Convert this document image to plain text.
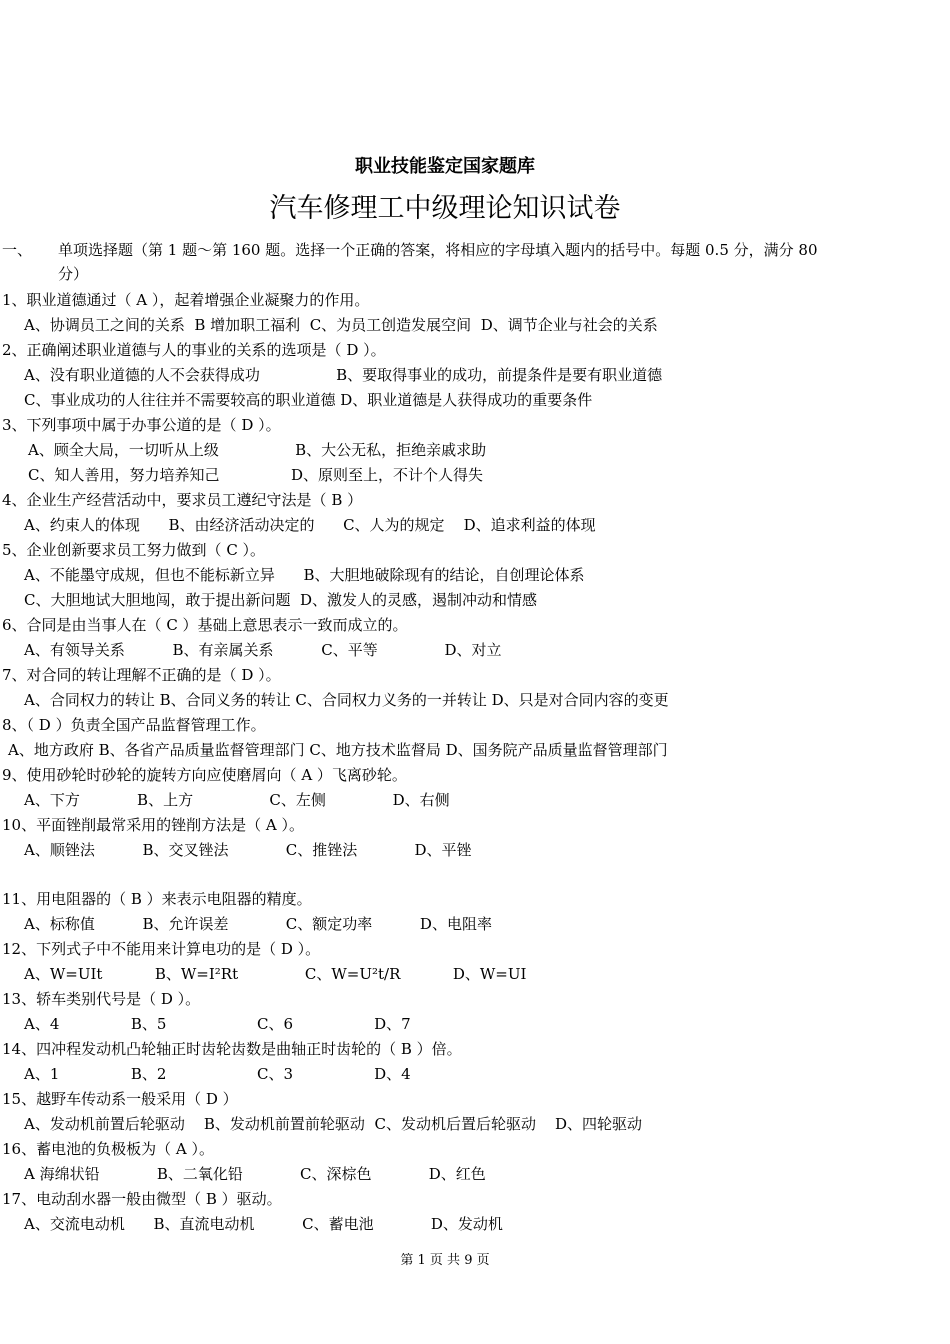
职业技能鉴定国家题库
汽车修理工中级理论知识试卷
一、 单项选择题（第 1 题～第 160 题。选择一个正确的答案，将相应的字母填入题内的括号中。每题 0.5 分，满分 80
分）
1、职业道德通过（ A ），起着增强企业凝聚力的作用。
A、协调员工之间的关系  B 增加职工福利  C、为员工创造发展空间  D、调节企业与社会的关系
2、正确阐述职业道德与人的事业的关系的选项是（ D ）。
A、没有职业道德的人不会获得成功                B、要取得事业的成功，前提条件是要有职业道德
C、事业成功的人往往并不需要较高的职业道德 D、职业道德是人获得成功的重要条件
3、下列事项中属于办事公道的是（ D ）。
A、顾全大局，一切听从上级                B、大公无私，拒绝亲戚求助
C、知人善用，努力培养知己               D、原则至上，不计个人得失
4、企业生产经营活动中，要求员工遵纪守法是（ B ）
A、约束人的体现      B、由经济活动决定的      C、人为的规定    D、追求利益的体现
5、企业创新要求员工努力做到（ C ）。
A、不能墨守成规，但也不能标新立异      B、大胆地破除现有的结论，自创理论体系
C、大胆地试大胆地闯，敢于提出新问题  D、激发人的灵感，遏制冲动和情感
6、合同是由当事人在（ C ）基础上意思表示一致而成立的。
A、有领导关系          B、有亲属关系          C、平等              D、对立
7、对合同的转让理解不正确的是（ D ）。
A、合同权力的转让 B、合同义务的转让 C、合同权力义务的一并转让 D、只是对合同内容的变更
8、（ D ）负责全国产品监督管理工作。
A、地方政府 B、各省产品质量监督管理部门 C、地方技术监督局 D、国务院产品质量监督管理部门
9、使用砂轮时砂轮的旋转方向应使磨屑向（ A ）飞离砂轮。
A、下方            B、上方                C、左侧              D、右侧
10、平面锉削最常采用的锉削方法是（ A ）。
A、顺锉法          B、交叉锉法            C、推锉法            D、平锉
11、用电阻器的（ B ）来表示电阻器的精度。
A、标称值          B、允许误差            C、额定功率          D、电阻率
12、下列式子中不能用来计算电功的是（ D ）。
A、W=UIt           B、W=I²Rt              C、W=U²t/R           D、W=UI
13、轿车类别代号是（ D ）。
A、4               B、5                   C、6                 D、7
14、四冲程发动机凸轮轴正时齿轮齿数是曲轴正时齿轮的（ B ）倍。
A、1               B、2                   C、3                 D、4
15、越野车传动系一般采用（ D ）
A、发动机前置后轮驱动    B、发动机前置前轮驱动  C、发动机后置后轮驱动    D、四轮驱动
16、蓄电池的负极板为（ A ）。
A 海绵状铅            B、二氧化铅            C、深棕色            D、红色
17、电动刮水器一般由微型（ B ）驱动。
A、交流电动机      B、直流电动机          C、蓄电池            D、发动机
第 1 页 共 9 页
